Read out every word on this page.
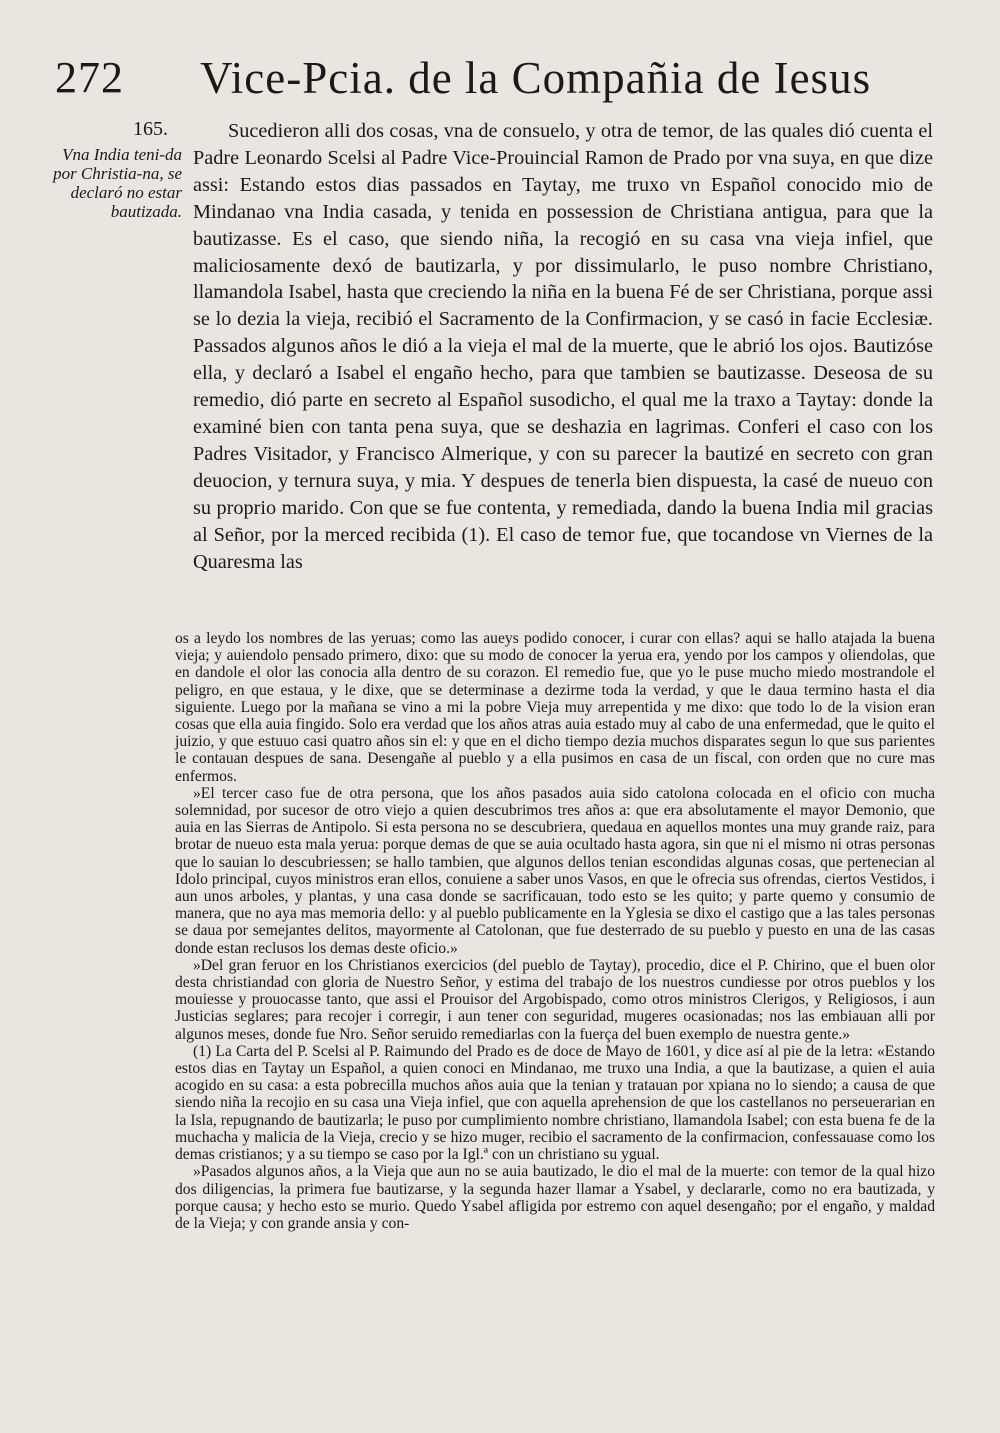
272 Vice-Pcia. de la Compañia de Iesus
165.
Vna India teni-da por Christia-na, se declaró no estar bautizada.

Sucedieron alli dos cosas, vna de consuelo, y otra de temor, de las quales dió cuenta el Padre Leonardo Scelsi al Padre Vice-Prouincial Ramon de Prado por vna suya, en que dize assi: Estando estos dias passados en Taytay, me truxo vn Español conocido mio de Mindanao vna India casada, y tenida en possession de Christiana antigua, para que la bautizasse. Es el caso, que siendo niña, la recogió en su casa vna vieja infiel, que maliciosamente dexó de bautizarla, y por dissimularlo, le puso nombre Christiano, llamandola Isabel, hasta que creciendo la niña en la buena Fé de ser Christiana, porque assi se lo dezia la vieja, recibió el Sacramento de la Confirmacion, y se casó in facie Ecclesiæ. Passados algunos años le dió a la vieja el mal de la muerte, que le abrió los ojos. Bautizóse ella, y declaró a Isabel el engaño hecho, para que tambien se bautizasse. Deseosa de su remedio, dió parte en secreto al Español susodicho, el qual me la traxo a Taytay: donde la examiné bien con tanta pena suya, que se deshazia en lagrimas. Conferi el caso con los Padres Visitador, y Francisco Almerique, y con su parecer la bautizé en secreto con gran deuocion, y ternura suya, y mia. Y despues de tenerla bien dispuesta, la casé de nueuo con su proprio marido. Con que se fue contenta, y remediada, dando la buena India mil gracias al Señor, por la merced recibida (1). El caso de temor fue, que tocandose vn Viernes de la Quaresma las

os a leydo los nombres de las yeruas; como las aueys podido conocer, i curar con ellas? aqui se hallo atajada la buena vieja; y auiendolo pensado primero, dixo: que su modo de conocer la yerua era, yendo por los campos y oliendolas, que en dandole el olor las conocia alla dentro de su corazon. El remedio fue, que yo le puse mucho miedo mostrandole el peligro, en que estaua, y le dixe, que se determinase a dezirme toda la verdad, y que le daua termino hasta el dia siguiente. Luego por la mañana se vino a mi la pobre Vieja muy arrepentida y me dixo: que todo lo de la vision eran cosas que ella auia fingido. Solo era verdad que los años atras auia estado muy al cabo de una enfermedad, que le quito el juizio, y que estuuo casi quatro años sin el: y que en el dicho tiempo dezia muchos disparates segun lo que sus parientes le contauan despues de sana. Desengañe al pueblo y a ella pusimos en casa de un fiscal, con orden que no cure mas enfermos.

»El tercer caso fue de otra persona, que los años pasados auia sido catolona colocada en el oficio con mucha solemnidad, por sucesor de otro viejo a quien descubrimos tres años a: que era absolutamente el mayor Demonio, que auia en las Sierras de Antipolo. Si esta persona no se descubriera, quedaua en aquellos montes una muy grande raiz, para brotar de nueuo esta mala yerua: porque demas de que se auia ocultado hasta agora, sin que ni el mismo ni otras personas que lo sauian lo descubriessen; se hallo tambien, que algunos dellos tenian escondidas algunas cosas, que pertenecian al Idolo principal, cuyos ministros eran ellos, conuiene a saber unos Vasos, en que le ofrecia sus ofrendas, ciertos Vestidos, i aun unos arboles, y plantas, y una casa donde se sacrificauan, todo esto se les quito; y parte quemo y consumio de manera, que no aya mas memoria dello: y al pueblo publicamente en la Yglesia se dixo el castigo que a las tales personas se daua por semejantes delitos, mayormente al Catolonan, que fue desterrado de su pueblo y puesto en una de las casas donde estan reclusos los demas deste oficio.»

»Del gran feruor en los Christianos exercicios (del pueblo de Taytay), procedio, dice el P. Chirino, que el buen olor desta christiandad con gloria de Nuestro Señor, y estima del trabajo de los nuestros cundiesse por otros pueblos y los mouiesse y prouocasse tanto, que assi el Prouisor del Argobispado, como otros ministros Clerigos, y Religiosos, i aun Justicias seglares; para recojer i corregir, i aun tener con seguridad, mugeres ocasionadas; nos las embiauan alli por algunos meses, donde fue Nro. Señor seruido remediarlas con la fuerça del buen exemplo de nuestra gente.»

(1) La Carta del P. Scelsi al P. Raimundo del Prado es de doce de Mayo de 1601, y dice así al pie de la letra: «Estando estos dias en Taytay un Español, a quien conoci en Mindanao, me truxo una India, a que la bautizase, a quien el auia acogido en su casa: a esta pobrecilla muchos años auia que la tenian y tratauan por xpiana no lo siendo; a causa de que siendo niña la recojio en su casa una Vieja infiel, que con aquella aprehension de que los castellanos no perseuerarian en la Isla, repugnando de bautizarla; le puso por cumplimiento nombre christiano, llamandola Isabel; con esta buena fe de la muchacha y malicia de la Vieja, crecio y se hizo muger, recibio el sacramento de la confirmacion, confessauase como los demas cristianos; y a su tiempo se caso por la Igl.ª con un christiano su ygual.

»Pasados algunos años, a la Vieja que aun no se auia bautizado, le dio el mal de la muerte: con temor de la qual hizo dos diligencias, la primera fue bautizarse, y la segunda hazer llamar a Ysabel, y declararle, como no era bautizada, y porque causa; y hecho esto se murio. Quedo Ysabel afligida por estremo con aquel desengaño; por el engaño, y maldad de la Vieja; y con grande ansia y con-
